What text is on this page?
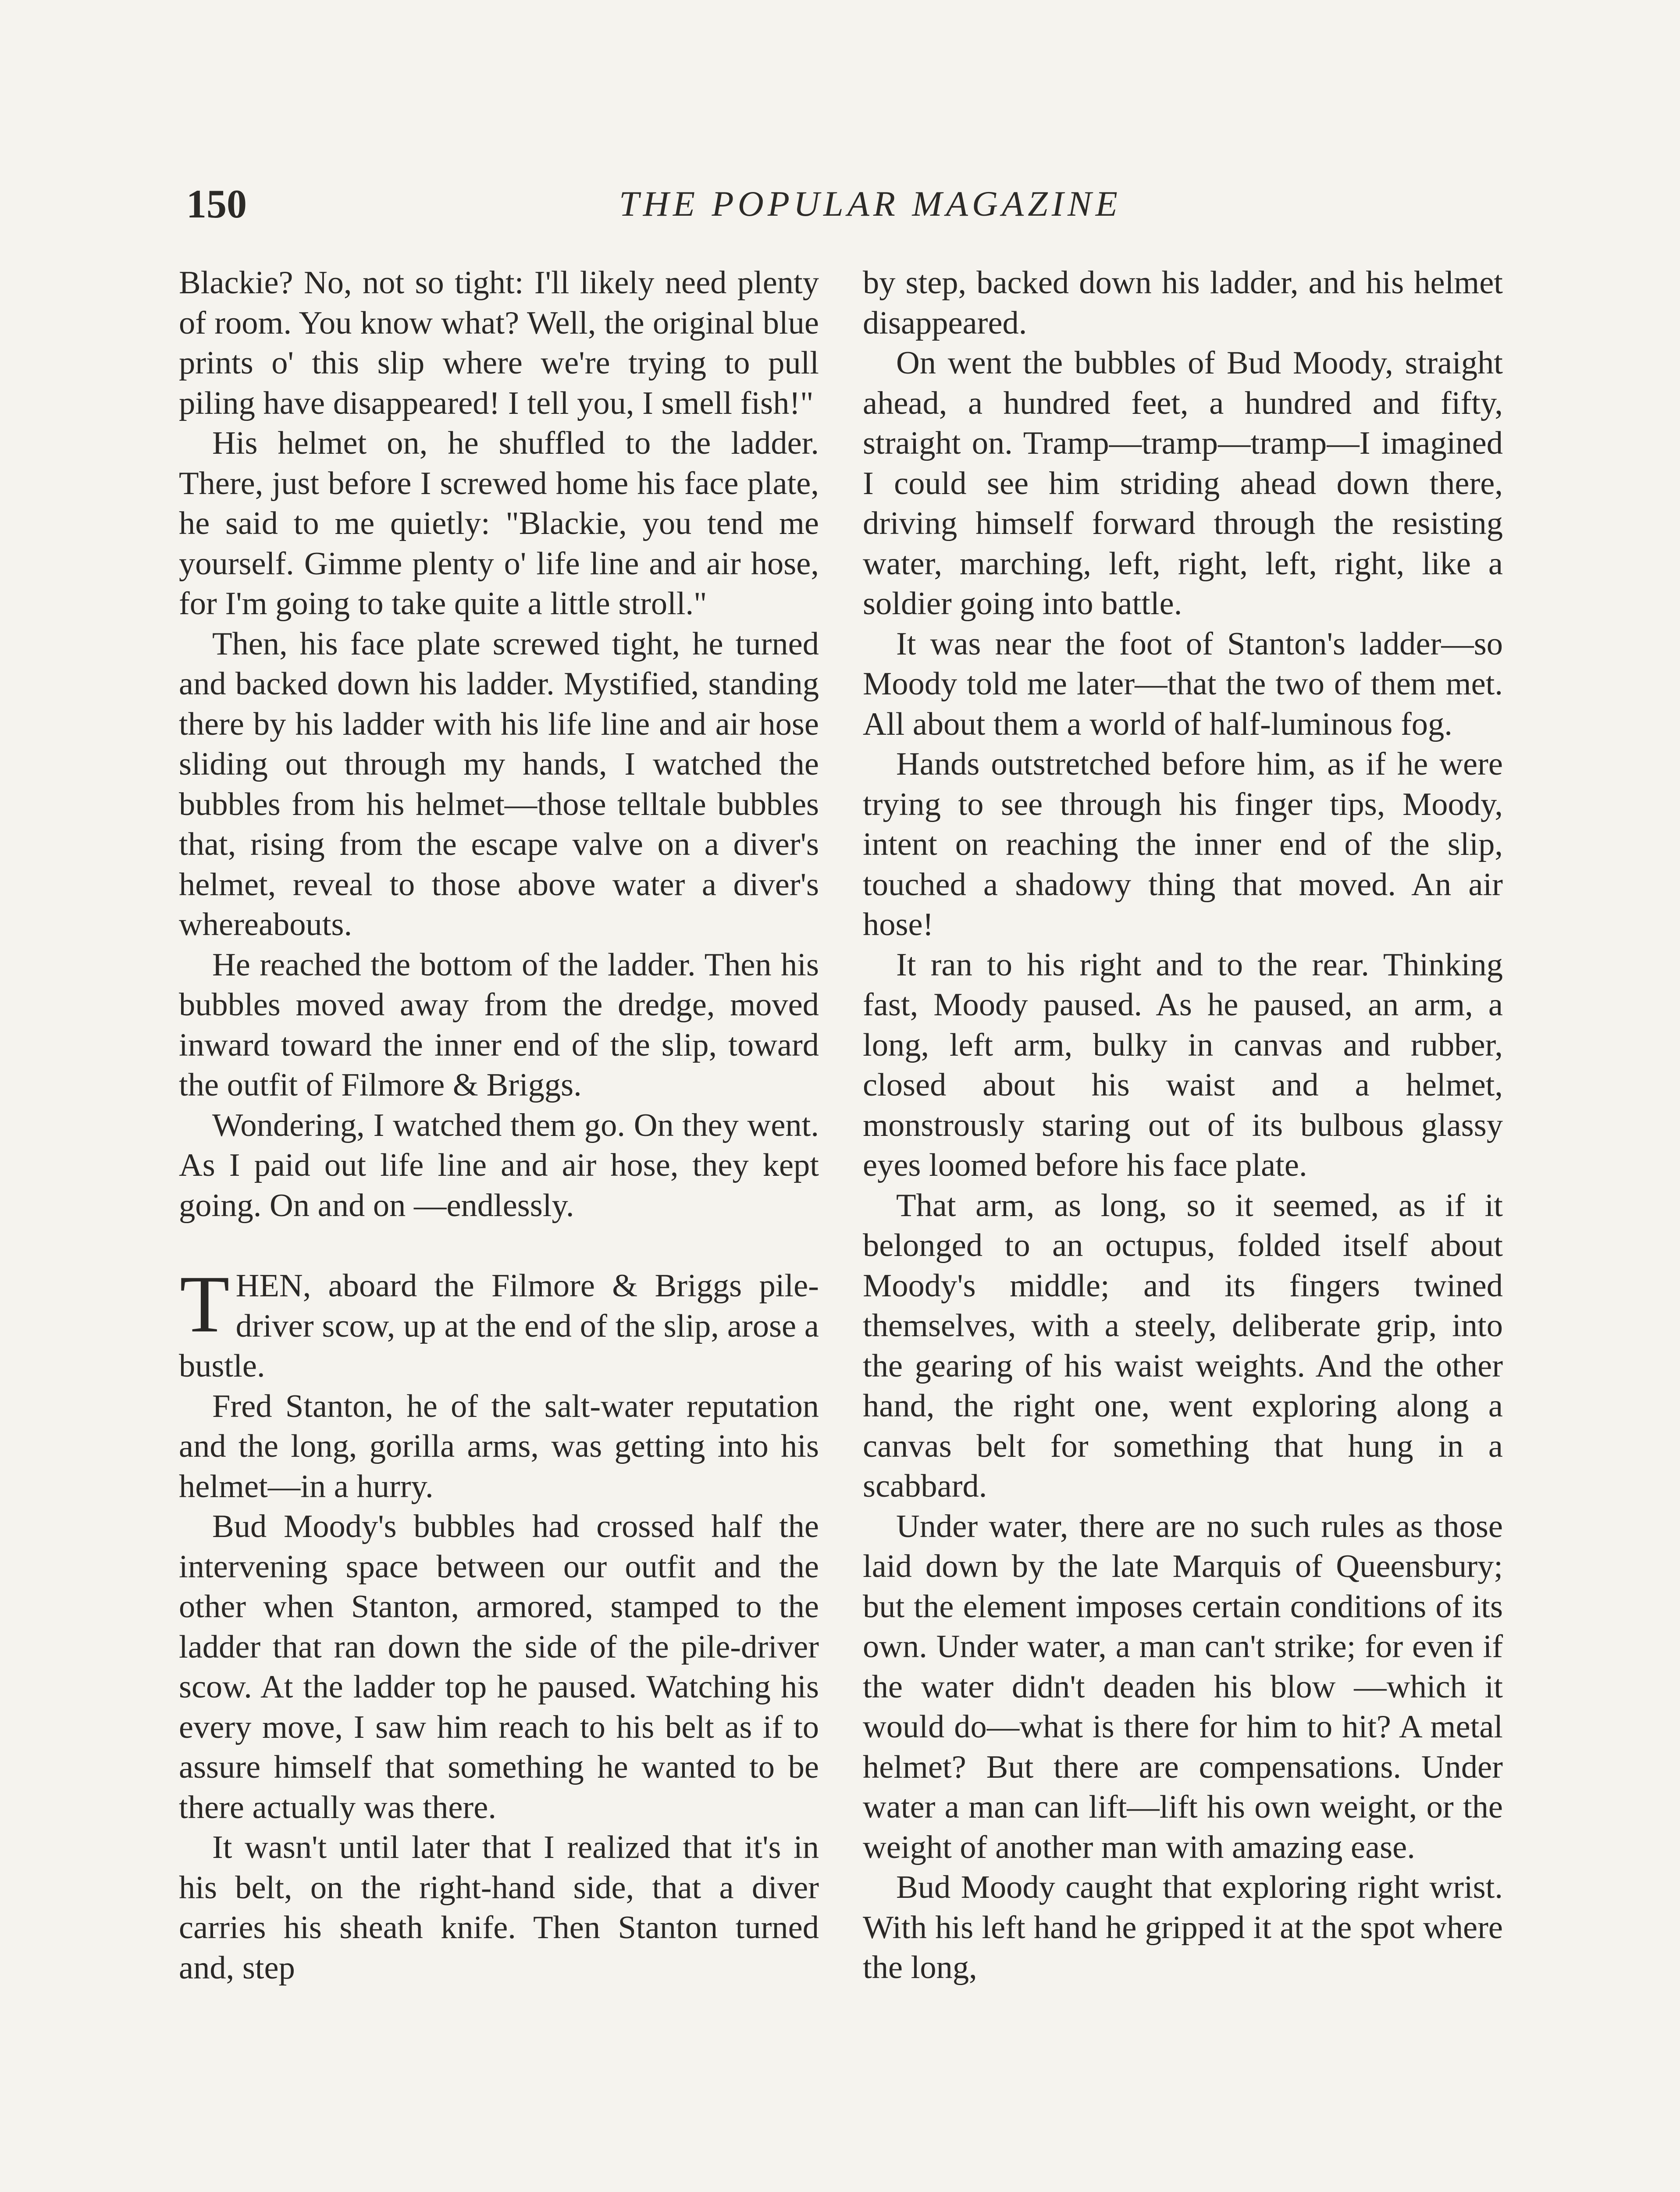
150	THE POPULAR MAGAZINE

Blackie? No, not so tight: I'll likely need plenty of room. You know what? Well, the original blue prints o' this slip where we're trying to pull piling have disappeared! I tell you, I smell fish!"

His helmet on, he shuffled to the ladder. There, just before I screwed home his face plate, he said to me quietly: "Blackie, you tend me yourself. Gimme plenty o' life line and air hose, for I'm going to take quite a little stroll."

Then, his face plate screwed tight, he turned and backed down his ladder. Mystified, standing there by his ladder with his life line and air hose sliding out through my hands, I watched the bubbles from his helmet—those telltale bubbles that, rising from the escape valve on a diver's helmet, reveal to those above water a diver's whereabouts.

He reached the bottom of the ladder. Then his bubbles moved away from the dredge, moved inward toward the inner end of the slip, toward the outfit of Filmore & Briggs.

Wondering, I watched them go. On they went. As I paid out life line and air hose, they kept going. On and on —endlessly.

THEN, aboard the Filmore & Briggs pile-driver scow, up at the end of the slip, arose a bustle.

Fred Stanton, he of the salt-water reputation and the long, gorilla arms, was getting into his helmet—in a hurry.

Bud Moody's bubbles had crossed half the intervening space between our outfit and the other when Stanton, armored, stamped to the ladder that ran down the side of the pile-driver scow. At the ladder top he paused. Watching his every move, I saw him reach to his belt as if to assure himself that something he wanted to be there actually was there.

It wasn't until later that I realized that it's in his belt, on the right-hand side, that a diver carries his sheath knife. Then Stanton turned and, step

by step, backed down his ladder, and his helmet disappeared.

On went the bubbles of Bud Moody, straight ahead, a hundred feet, a hundred and fifty, straight on. Tramp—tramp—tramp—I imagined I could see him striding ahead down there, driving himself forward through the resisting water, marching, left, right, left, right, like a soldier going into battle.

It was near the foot of Stanton's ladder—so Moody told me later—that the two of them met. All about them a world of half-luminous fog.

Hands outstretched before him, as if he were trying to see through his finger tips, Moody, intent on reaching the inner end of the slip, touched a shadowy thing that moved. An air hose!

It ran to his right and to the rear. Thinking fast, Moody paused. As he paused, an arm, a long, left arm, bulky in canvas and rubber, closed about his waist and a helmet, monstrously staring out of its bulbous glassy eyes loomed before his face plate.

That arm, as long, so it seemed, as if it belonged to an octupus, folded itself about Moody's middle; and its fingers twined themselves, with a steely, deliberate grip, into the gearing of his waist weights. And the other hand, the right one, went exploring along a canvas belt for something that hung in a scabbard.

Under water, there are no such rules as those laid down by the late Marquis of Queensbury; but the element imposes certain conditions of its own. Under water, a man can't strike; for even if the water didn't deaden his blow —which it would do—what is there for him to hit? A metal helmet? But there are compensations. Under water a man can lift—lift his own weight, or the weight of another man with amazing ease.

Bud Moody caught that exploring right wrist. With his left hand he gripped it at the spot where the long,
